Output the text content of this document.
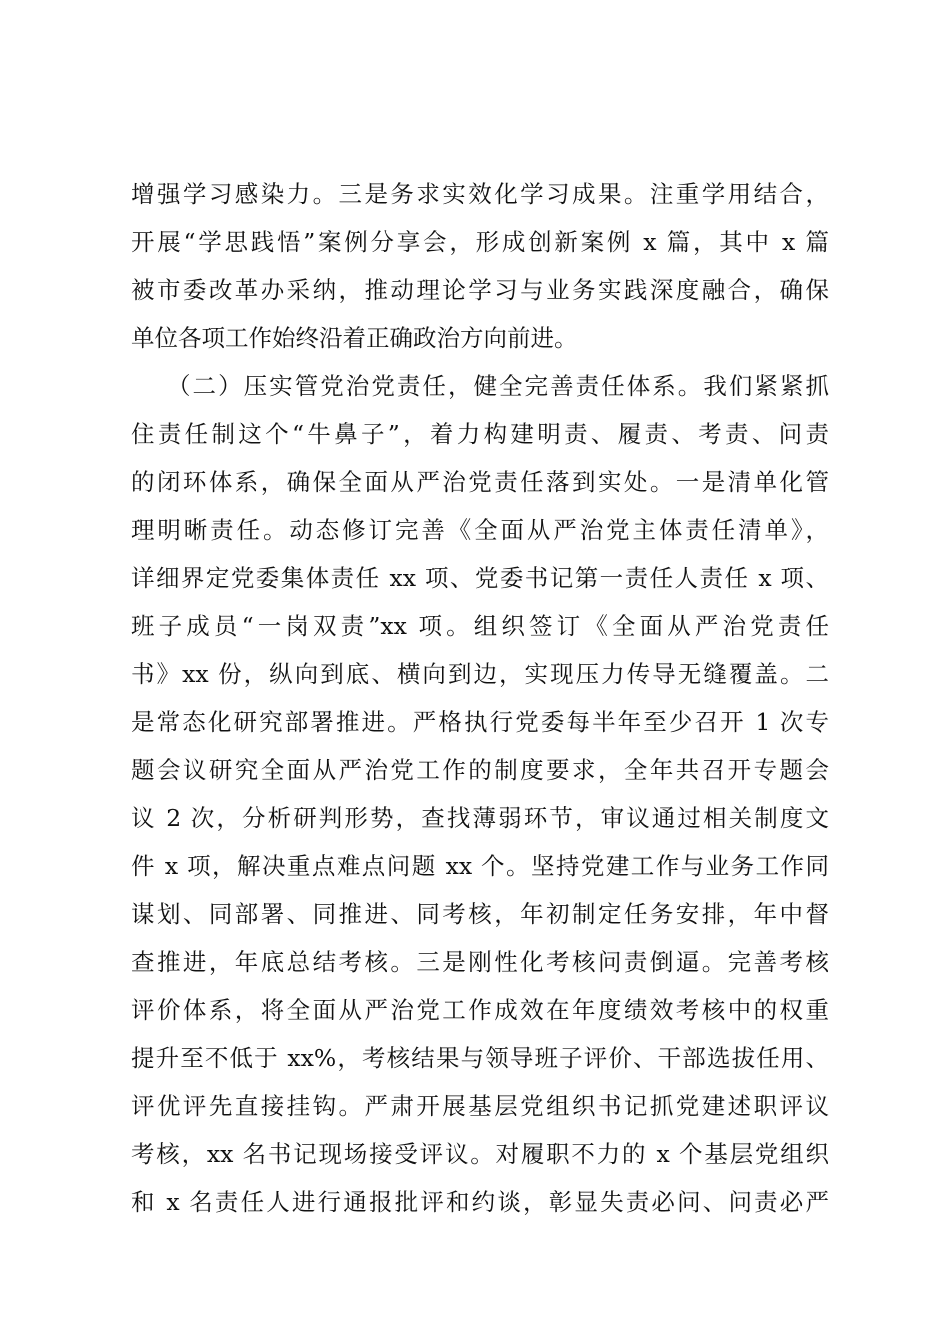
增强学习感染力。三是务求实效化学习成果。注重学用结合，
开展“学思践悟”案例分享会，形成创新案例 x 篇，其中 x 篇
被市委改革办采纳，推动理论学习与业务实践深度融合，确保
单位各项工作始终沿着正确政治方向前进。
（二）压实管党治党责任，健全完善责任体系。我们紧紧抓
住责任制这个“牛鼻子”，着力构建明责、履责、考责、问责
的闭环体系，确保全面从严治党责任落到实处。一是清单化管
理明晰责任。动态修订完善《全面从严治党主体责任清单》，
详细界定党委集体责任 xx 项、党委书记第一责任人责任 x 项、
班子成员“一岗双责”xx 项。组织签订《全面从严治党责任
书》xx 份，纵向到底、横向到边，实现压力传导无缝覆盖。二
是常态化研究部署推进。严格执行党委每半年至少召开 1 次专
题会议研究全面从严治党工作的制度要求，全年共召开专题会
议 2 次，分析研判形势，查找薄弱环节，审议通过相关制度文
件 x 项，解决重点难点问题 xx 个。坚持党建工作与业务工作同
谋划、同部署、同推进、同考核，年初制定任务安排，年中督
查推进，年底总结考核。三是刚性化考核问责倒逼。完善考核
评价体系，将全面从严治党工作成效在年度绩效考核中的权重
提升至不低于 xx%，考核结果与领导班子评价、干部选拔任用、
评优评先直接挂钩。严肃开展基层党组织书记抓党建述职评议
考核，xx 名书记现场接受评议。对履职不力的 x 个基层党组织
和 x 名责任人进行通报批评和约谈，彰显失责必问、问责必严
